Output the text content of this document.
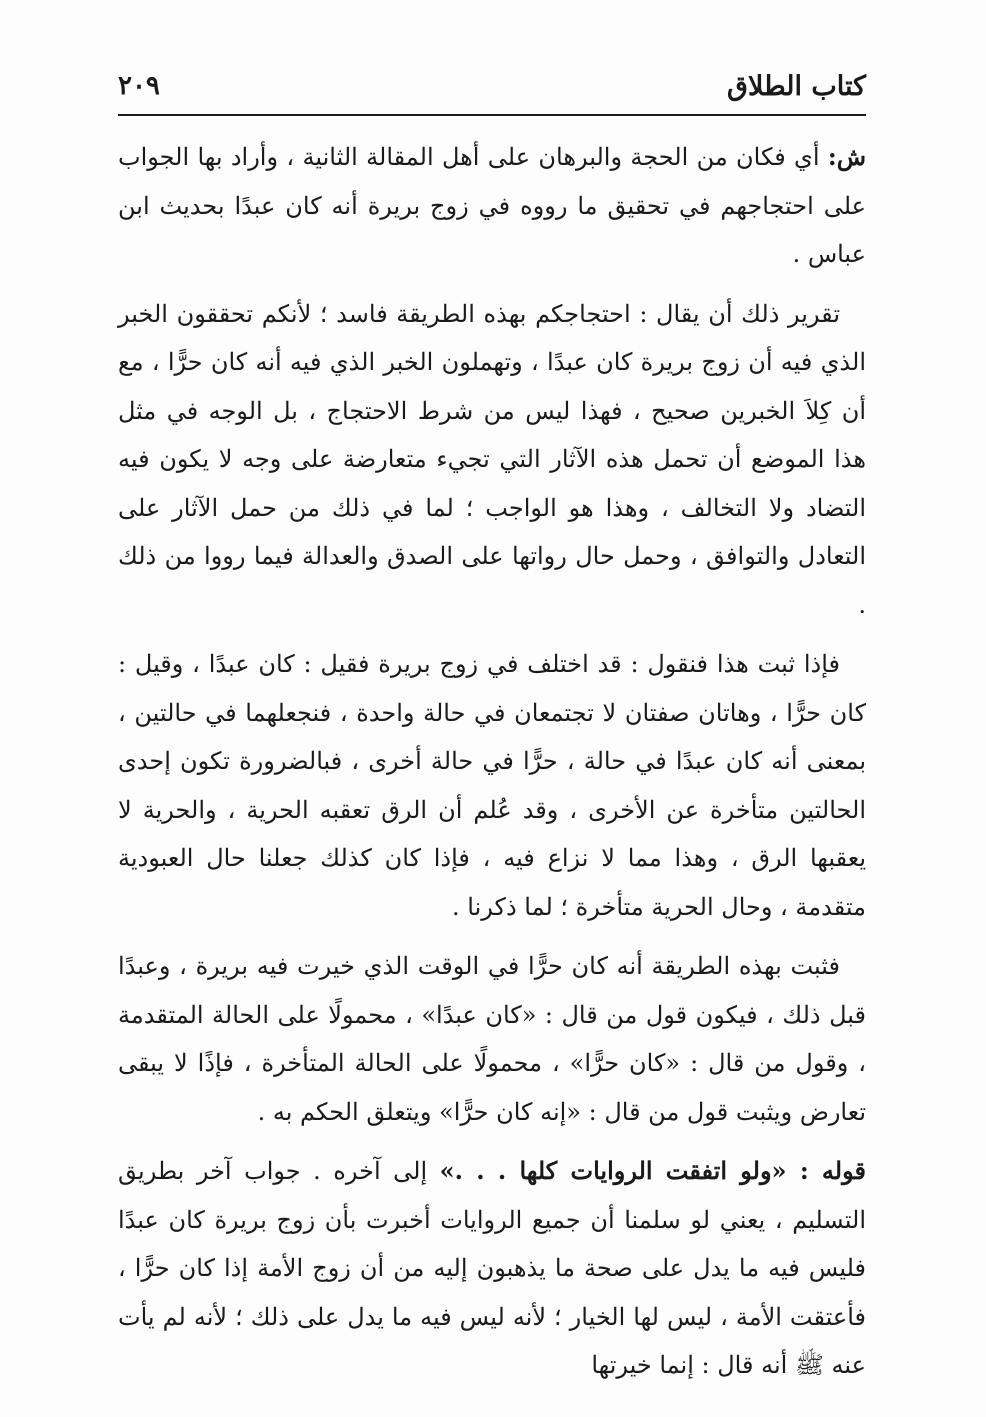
كتاب الطلاق
٢٠٩

ش: أي فكان من الحجة والبرهان على أهل المقالة الثانية ، وأراد بها الجواب على احتجاجهم في تحقيق ما رووه في زوج بريرة أنه كان عبدًا بحديث ابن عباس .

تقرير ذلك أن يقال : احتجاجكم بهذه الطريقة فاسد ؛ لأنكم تحققون الخبر الذي فيه أن زوج بريرة كان عبدًا ، وتهملون الخبر الذي فيه أنه كان حرًّا ، مع أن كِلاَ الخبرين صحيح ، فهذا ليس من شرط الاحتجاج ، بل الوجه في مثل هذا الموضع أن تحمل هذه الآثار التي تجيء متعارضة على وجه لا يكون فيه التضاد ولا التخالف ، وهذا هو الواجب ؛ لما في ذلك من حمل الآثار على التعادل والتوافق ، وحمل حال رواتها على الصدق والعدالة فيما رووا من ذلك .

فإذا ثبت هذا فنقول : قد اختلف في زوج بريرة فقيل : كان عبدًا ، وقيل : كان حرًّا ، وهاتان صفتان لا تجتمعان في حالة واحدة ، فنجعلهما في حالتين ، بمعنى أنه كان عبدًا في حالة ، حرًّا في حالة أخرى ، فبالضرورة تكون إحدى الحالتين متأخرة عن الأخرى ، وقد عُلم أن الرق تعقبه الحرية ، والحرية لا يعقبها الرق ، وهذا مما لا نزاع فيه ، فإذا كان كذلك جعلنا حال العبودية متقدمة ، وحال الحرية متأخرة ؛ لما ذكرنا .

فثبت بهذه الطريقة أنه كان حرًّا في الوقت الذي خيرت فيه بريرة ، وعبدًا قبل ذلك ، فيكون قول من قال : «كان عبدًا» ، محمولًا على الحالة المتقدمة ، وقول من قال : «كان حرًّا» ، محمولًا على الحالة المتأخرة ، فإذًا لا يبقى تعارض ويثبت قول من قال : «إنه كان حرًّا» ويتعلق الحكم به .

قوله : «ولو اتفقت الروايات كلها . . .» إلى آخره . جواب آخر بطريق التسليم ، يعني لو سلمنا أن جميع الروايات أخبرت بأن زوج بريرة كان عبدًا فليس فيه ما يدل على صحة ما يذهبون إليه من أن زوج الأمة إذا كان حرًّا ، فأعتقت الأمة ، ليس لها الخيار ؛ لأنه ليس فيه ما يدل على ذلك ؛ لأنه لم يأت عنه ﷺ أنه قال : إنما خيرتها
